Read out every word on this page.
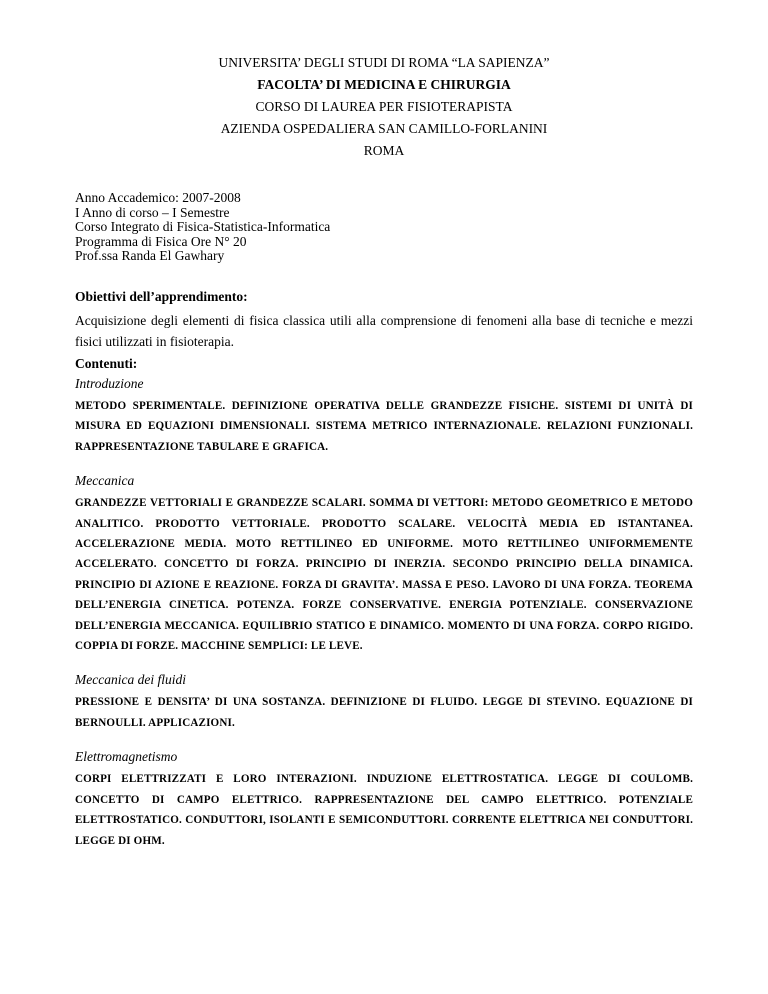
UNIVERSITA’ DEGLI STUDI DI ROMA “LA SAPIENZA”
FACOLTA’ DI MEDICINA E CHIRURGIA
CORSO DI LAUREA PER FISIOTERAPISTA
AZIENDA OSPEDALIERA SAN CAMILLO-FORLANINI
ROMA
Anno Accademico: 2007-2008
I Anno di corso – I Semestre
Corso Integrato di Fisica-Statistica-Informatica
Programma di Fisica Ore N° 20
Prof.ssa Randa El Gawhary
Obiettivi dell’apprendimento:
Acquisizione degli elementi di fisica classica utili alla comprensione di fenomeni alla base di tecniche e mezzi fisici utilizzati in fisioterapia.
Contenuti:
Introduzione
METODO SPERIMENTALE. DEFINIZIONE OPERATIVA DELLE GRANDEZZE FISICHE. SISTEMI DI UNITÀ DI MISURA ED EQUAZIONI DIMENSIONALI. SISTEMA METRICO INTERNAZIONALE. RELAZIONI FUNZIONALI. RAPPRESENTAZIONE TABULARE E GRAFICA.
Meccanica
GRANDEZZE VETTORIALI E GRANDEZZE SCALARI. SOMMA DI VETTORI: METODO GEOMETRICO E METODO ANALITICO. PRODOTTO VETTORIALE. PRODOTTO SCALARE. VELOCITÀ MEDIA ED ISTANTANEA. ACCELERAZIONE MEDIA. MOTO RETTILINEO ED UNIFORME. MOTO RETTILINEO UNIFORMEMENTE ACCELERATO. CONCETTO DI FORZA. PRINCIPIO DI INERZIA. SECONDO PRINCIPIO DELLA DINAMICA. PRINCIPIO DI AZIONE E REAZIONE. FORZA DI GRAVITA’. MASSA E PESO. LAVORO DI UNA FORZA. TEOREMA DELL’ENERGIA CINETICA. POTENZA. FORZE CONSERVATIVE. ENERGIA POTENZIALE. CONSERVAZIONE DELL’ENERGIA MECCANICA. EQUILIBRIO STATICO E DINAMICO. MOMENTO DI UNA FORZA. CORPO RIGIDO. COPPIA DI FORZE. MACCHINE SEMPLICI: LE LEVE.
Meccanica dei fluidi
PRESSIONE E DENSITA’ DI UNA SOSTANZA. DEFINIZIONE DI FLUIDO. LEGGE DI STEVINO. EQUAZIONE DI BERNOULLI. APPLICAZIONI.
Elettromagnetismo
CORPI ELETTRIZZATI E LORO INTERAZIONI. INDUZIONE ELETTROSTATICA. LEGGE DI COULOMB. CONCETTO DI CAMPO ELETTRICO. RAPPRESENTAZIONE DEL CAMPO ELETTRICO. POTENZIALE ELETTROSTATICO. CONDUTTORI, ISOLANTI E SEMICONDUTTORI. CORRENTE ELETTRICA NEI CONDUTTORI. LEGGE DI OHM.
